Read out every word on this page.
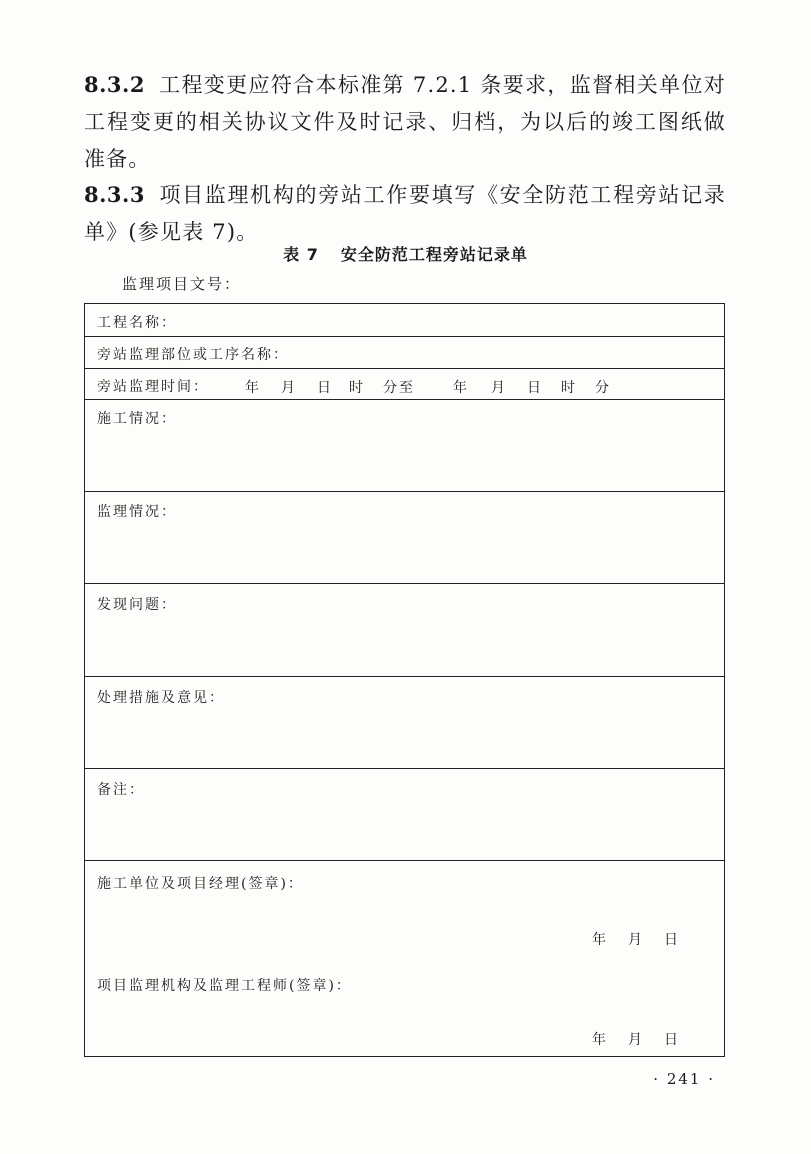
8.3.2 工程变更应符合本标准第 7.2.1 条要求，监督相关单位对工程变更的相关协议文件及时记录、归档，为以后的竣工图纸做准备。

8.3.3 项目监理机构的旁站工作要填写《安全防范工程旁站记录单》(参见表 7)。

表 7 安全防范工程旁站记录单
监理项目文号：
工程名称：
旁站监理部位或工序名称：
旁站监理时间：	年 月 日 时 分至	年 月 日 时 分
施工情况：
监理情况：
发现问题：
处理措施及意见：
备注：
施工单位及项目经理(签章)：
年 月 日
项目监理机构及监理工程师(签章)：
年 月 日
· 241 ·
